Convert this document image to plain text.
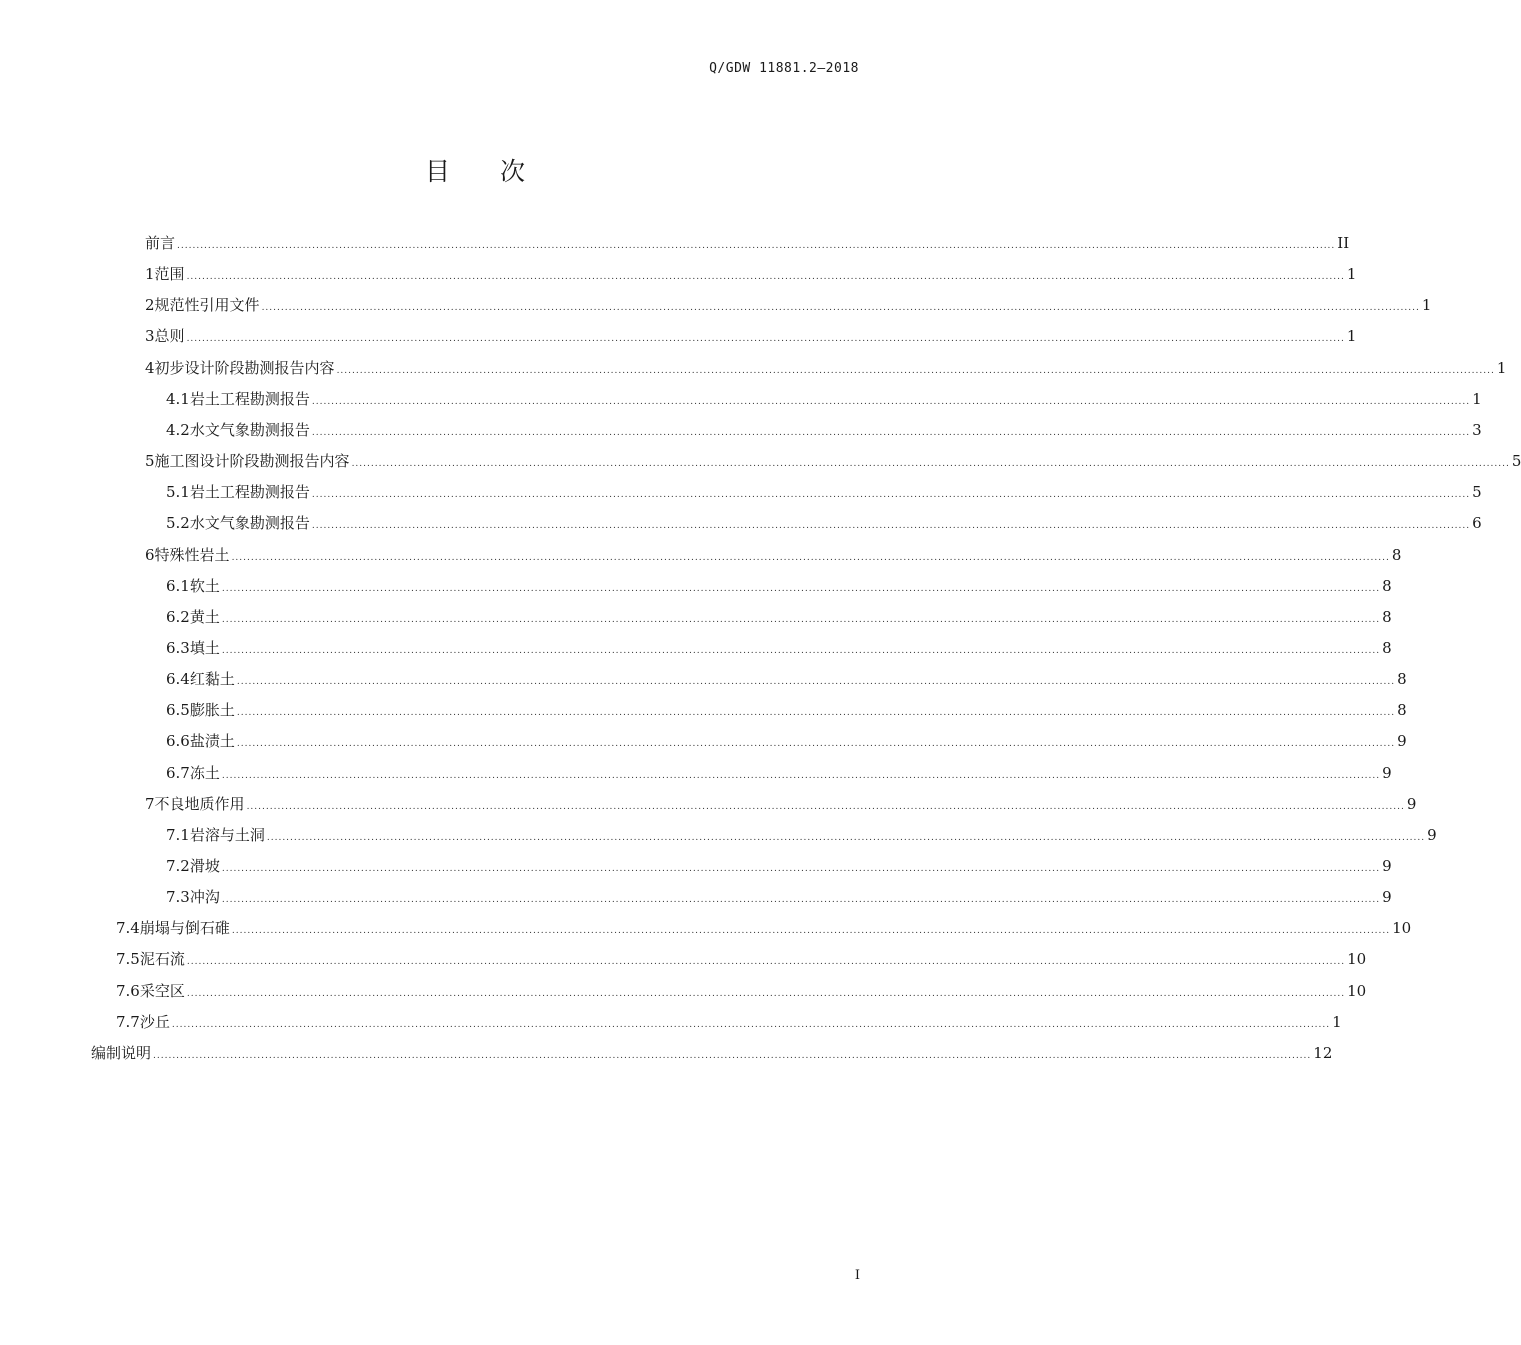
Q/GDW 11881.2—2018
目 次
前 言 ............................................................................................................................................................................................................................................................................................................ II
1 范围 ............................................................................................................................................................................................................................................................................................................ 1
2 规范性引用文件 ............................................................................................................................................................................................................................................................................................................ 1
3 总则 ............................................................................................................................................................................................................................................................................................................ 1
4 初步设计阶段勘测报告内容 ............................................................................................................................................................................................................................................................................................................ 1
4.1 岩土工程勘测报告 ............................................................................................................................................................................................................................................................................................................ 1
4.2 水文气象勘测报告 ............................................................................................................................................................................................................................................................................................................ 3
5 施工图设计阶段勘测报告内容 ............................................................................................................................................................................................................................................................................................................ 5
5.1 岩土工程勘测报告 ............................................................................................................................................................................................................................................................................................................ 5
5.2 水文气象勘测报告 ............................................................................................................................................................................................................................................................................................................ 6
6 特殊性岩土 ............................................................................................................................................................................................................................................................................................................ 8
6.1 软土 ............................................................................................................................................................................................................................................................................................................ 8
6.2 黄土 ............................................................................................................................................................................................................................................................................................................ 8
6.3 填土 ............................................................................................................................................................................................................................................................................................................ 8
6.4 红黏土 ............................................................................................................................................................................................................................................................................................................ 8
6.5 膨胀土 ............................................................................................................................................................................................................................................................................................................ 8
6.6 盐渍土 ............................................................................................................................................................................................................................................................................................................ 9
6.7 冻土 ............................................................................................................................................................................................................................................................................................................ 9
7 不良地质作用 ............................................................................................................................................................................................................................................................................................................ 9
7.1 岩溶与土洞 ............................................................................................................................................................................................................................................................................................................ 9
7.2 滑坡 ............................................................................................................................................................................................................................................................................................................ 9
7.3 冲沟 ............................................................................................................................................................................................................................................................................................................ 9
7.4 崩塌与倒石碓 ............................................................................................................................................................................................................................................................................................................ 10
7.5 泥石流 ............................................................................................................................................................................................................................................................................................................ 10
7.6 采空区 ............................................................................................................................................................................................................................................................................................................ 10
7.7 沙丘 ............................................................................................................................................................................................................................................................................................................ 1
编制说明 ............................................................................................................................................................................................................................................................................................................ 12
I
